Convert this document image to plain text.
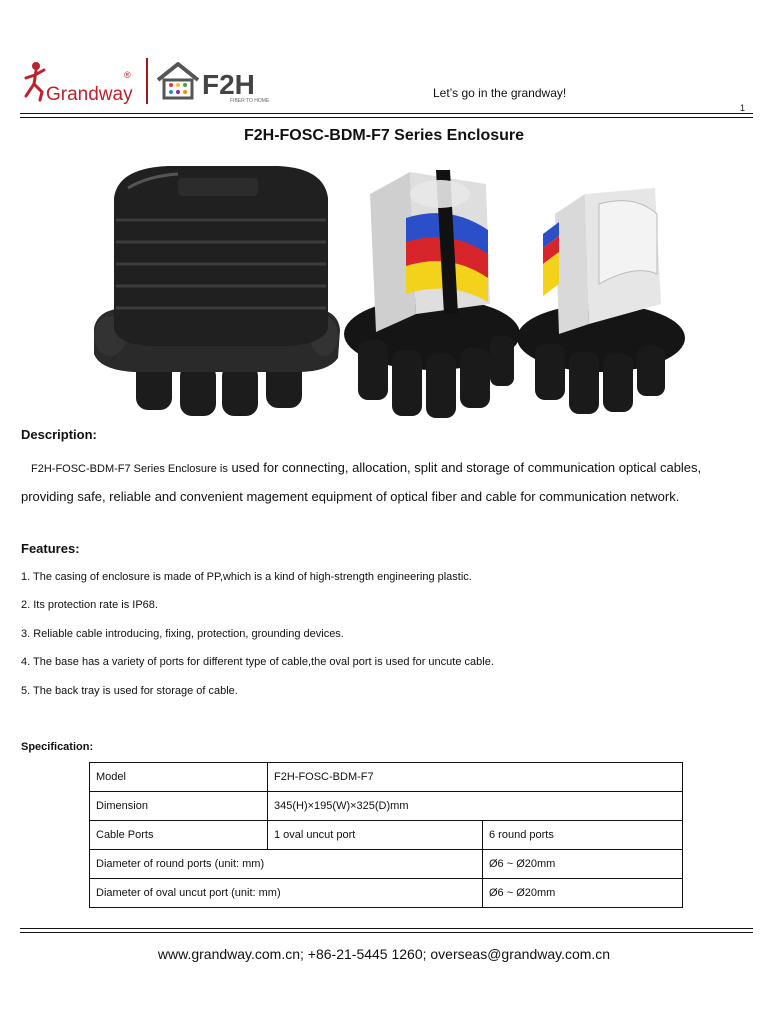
Grandway
®	F2H
FIBER TO HOME
Let’s go in the grandway!
1
F2H-FOSC-BDM-F7 Series Enclosure
Description:
F2H-FOSC-BDM-F7 Series Enclosure is used for connecting, allocation, split and storage of communication optical cables, providing safe, reliable and convenient magement equipment of optical fiber and cable for communication network.
Features:
1. The casing of enclosure is made of PP,which is a kind of high-strength engineering plastic.
2. Its protection rate is IP68.
3. Reliable cable introducing, fixing, protection, grounding devices.
4. The base has a variety of ports for different type of cable,the oval port is used for uncute cable.
5. The back tray is used for storage of cable.
Specification:
Model	F2H-FOSC-BDM-F7	
Dimension	345(H)×195(W)×325(D)mm	
Cable Ports	1 oval uncut port	6 round ports
Diameter of round ports (unit: mm)		Ø6 ~ Ø20mm
Diameter of oval uncut port (unit: mm)		Ø6 ~ Ø20mm
www.grandway.com.cn; +86-21-5445 1260; overseas@grandway.com.cn
